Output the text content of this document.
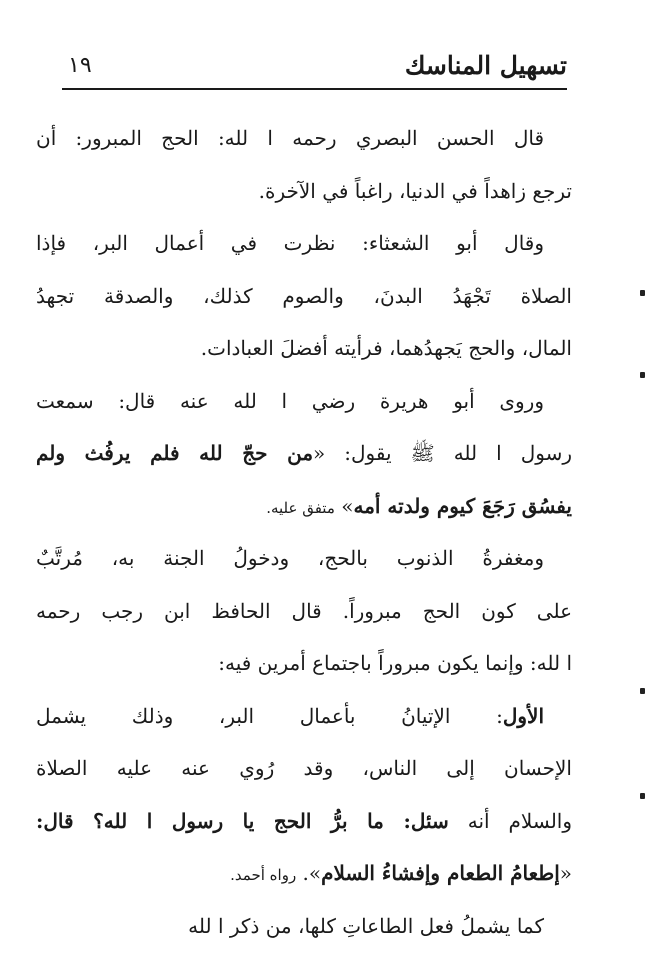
تسهيل المناسك
١٩
قال الحسن البصري رحمه ا لله: الحج المبرور: أن
ترجع زاهداً في الدنيا، راغباً في الآخرة.
وقال أبو الشعثاء: نظرت في أعمال البر، فإذا
الصلاة تَجْهَدُ البدنَ، والصوم كذلك، والصدقة تجهدُ
المال، والحج يَجهدُهما، فرأيته أفضلَ العبادات.
وروى أبو هريرة رضي ا لله عنه قال: سمعت
رسول ا لله ﷺ يقول: «من حجّ لله فلم يرفُث ولم
يفسُق رَجَعَ كيوم ولدته أمه» متفق عليه.
ومغفرةُ الذنوب بالحج، ودخولُ الجنة به، مُرتَّبٌ
على كون الحج مبروراً. قال الحافظ ابن رجب رحمه
ا لله: وإنما يكون مبروراً باجتماع أمرين فيه:
الأول: الإتيانُ بأعمال البر، وذلك يشمل
الإحسان إلى الناس، وقد رُوي عنه عليه الصلاة
والسلام أنه سئل: ما برُّ الحج يا رسول ا لله؟ قال:
«إطعامُ الطعام وإفشاءُ السلام». رواه أحمد.
كما يشملُ فعل الطاعاتِ كلها، من ذكر ا لله
